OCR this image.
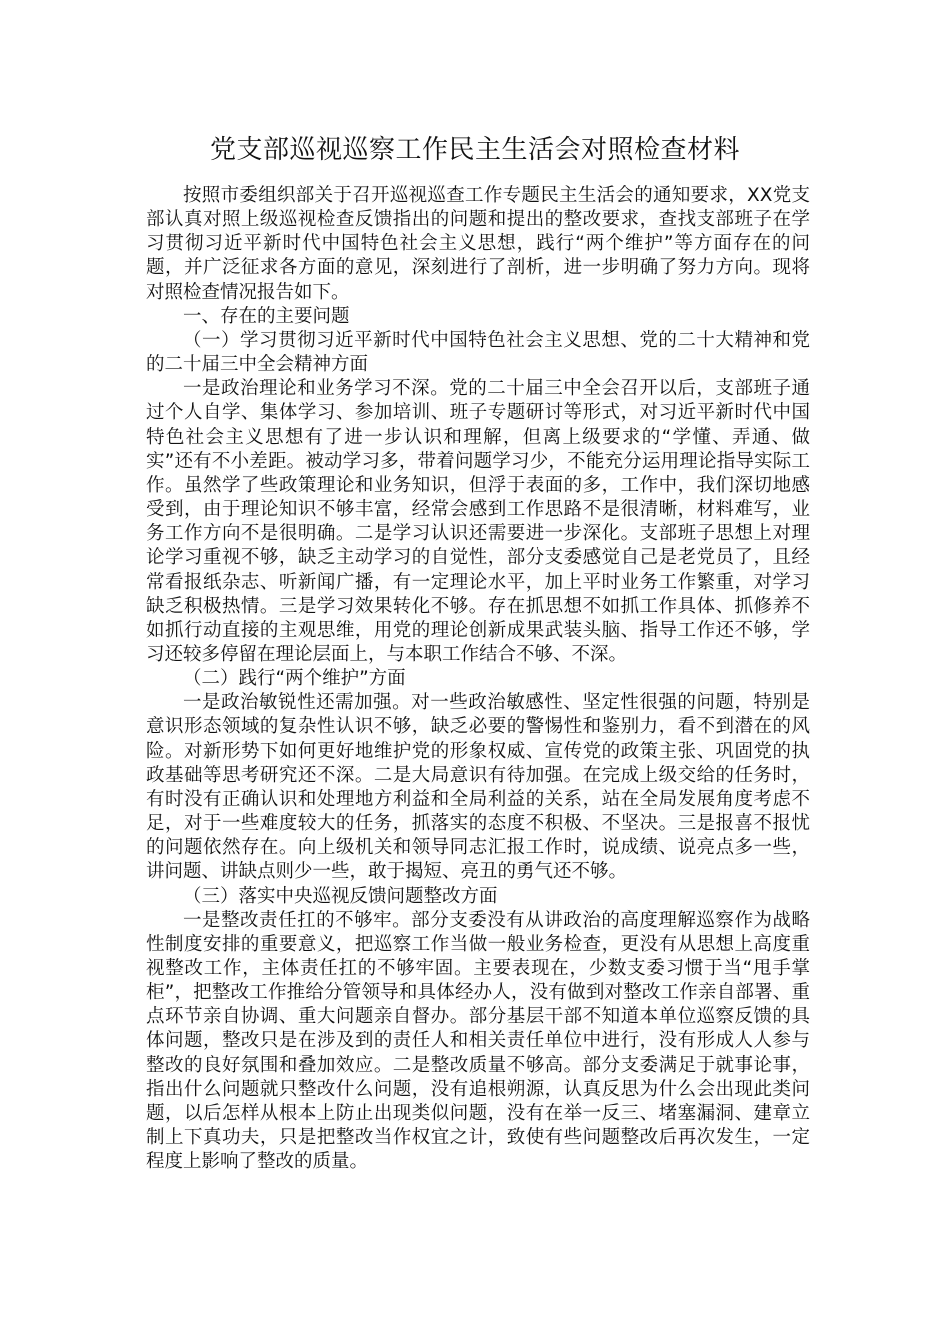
党支部巡视巡察工作民主生活会对照检查材料

按照市委组织部关于召开巡视巡查工作专题民主生活会的通知要求，XX党支部认真对照上级巡视检查反馈指出的问题和提出的整改要求，查找支部班子在学习贯彻习近平新时代中国特色社会主义思想，践行“两个维护”等方面存在的问题，并广泛征求各方面的意见，深刻进行了剖析，进一步明确了努力方向。现将对照检查情况报告如下。

一、存在的主要问题

（一）学习贯彻习近平新时代中国特色社会主义思想、党的二十大精神和党的二十届三中全会精神方面

一是政治理论和业务学习不深。党的二十届三中全会召开以后，支部班子通过个人自学、集体学习、参加培训、班子专题研讨等形式，对习近平新时代中国特色社会主义思想有了进一步认识和理解，但离上级要求的“学懂、弄通、做实”还有不小差距。被动学习多，带着问题学习少，不能充分运用理论指导实际工作。虽然学了些政策理论和业务知识，但浮于表面的多，工作中，我们深切地感受到，由于理论知识不够丰富，经常会感到工作思路不是很清晰，材料难写，业务工作方向不是很明确。二是学习认识还需要进一步深化。支部班子思想上对理论学习重视不够，缺乏主动学习的自觉性，部分支委感觉自己是老党员了，且经常看报纸杂志、听新闻广播，有一定理论水平，加上平时业务工作繁重，对学习缺乏积极热情。三是学习效果转化不够。存在抓思想不如抓工作具体、抓修养不如抓行动直接的主观思维，用党的理论创新成果武装头脑、指导工作还不够，学习还较多停留在理论层面上，与本职工作结合不够、不深。

（二）践行“两个维护”方面

一是政治敏锐性还需加强。对一些政治敏感性、坚定性很强的问题，特别是意识形态领域的复杂性认识不够，缺乏必要的警惕性和鉴别力，看不到潜在的风险。对新形势下如何更好地维护党的形象权威、宣传党的政策主张、巩固党的执政基础等思考研究还不深。二是大局意识有待加强。在完成上级交给的任务时，有时没有正确认识和处理地方利益和全局利益的关系，站在全局发展角度考虑不足，对于一些难度较大的任务，抓落实的态度不积极、不坚决。三是报喜不报忧的问题依然存在。向上级机关和领导同志汇报工作时，说成绩、说亮点多一些，讲问题、讲缺点则少一些，敢于揭短、亮丑的勇气还不够。

（三）落实中央巡视反馈问题整改方面

一是整改责任扛的不够牢。部分支委没有从讲政治的高度理解巡察作为战略性制度安排的重要意义，把巡察工作当做一般业务检查，更没有从思想上高度重视整改工作，主体责任扛的不够牢固。主要表现在，少数支委习惯于当“甩手掌柜”，把整改工作推给分管领导和具体经办人，没有做到对整改工作亲自部署、重点环节亲自协调、重大问题亲自督办。部分基层干部不知道本单位巡察反馈的具体问题，整改只是在涉及到的责任人和相关责任单位中进行，没有形成人人参与整改的良好氛围和叠加效应。二是整改质量不够高。部分支委满足于就事论事，指出什么问题就只整改什么问题，没有追根朔源，认真反思为什么会出现此类问题，以后怎样从根本上防止出现类似问题，没有在举一反三、堵塞漏洞、建章立制上下真功夫，只是把整改当作权宜之计，致使有些问题整改后再次发生，一定程度上影响了整改的质量。
